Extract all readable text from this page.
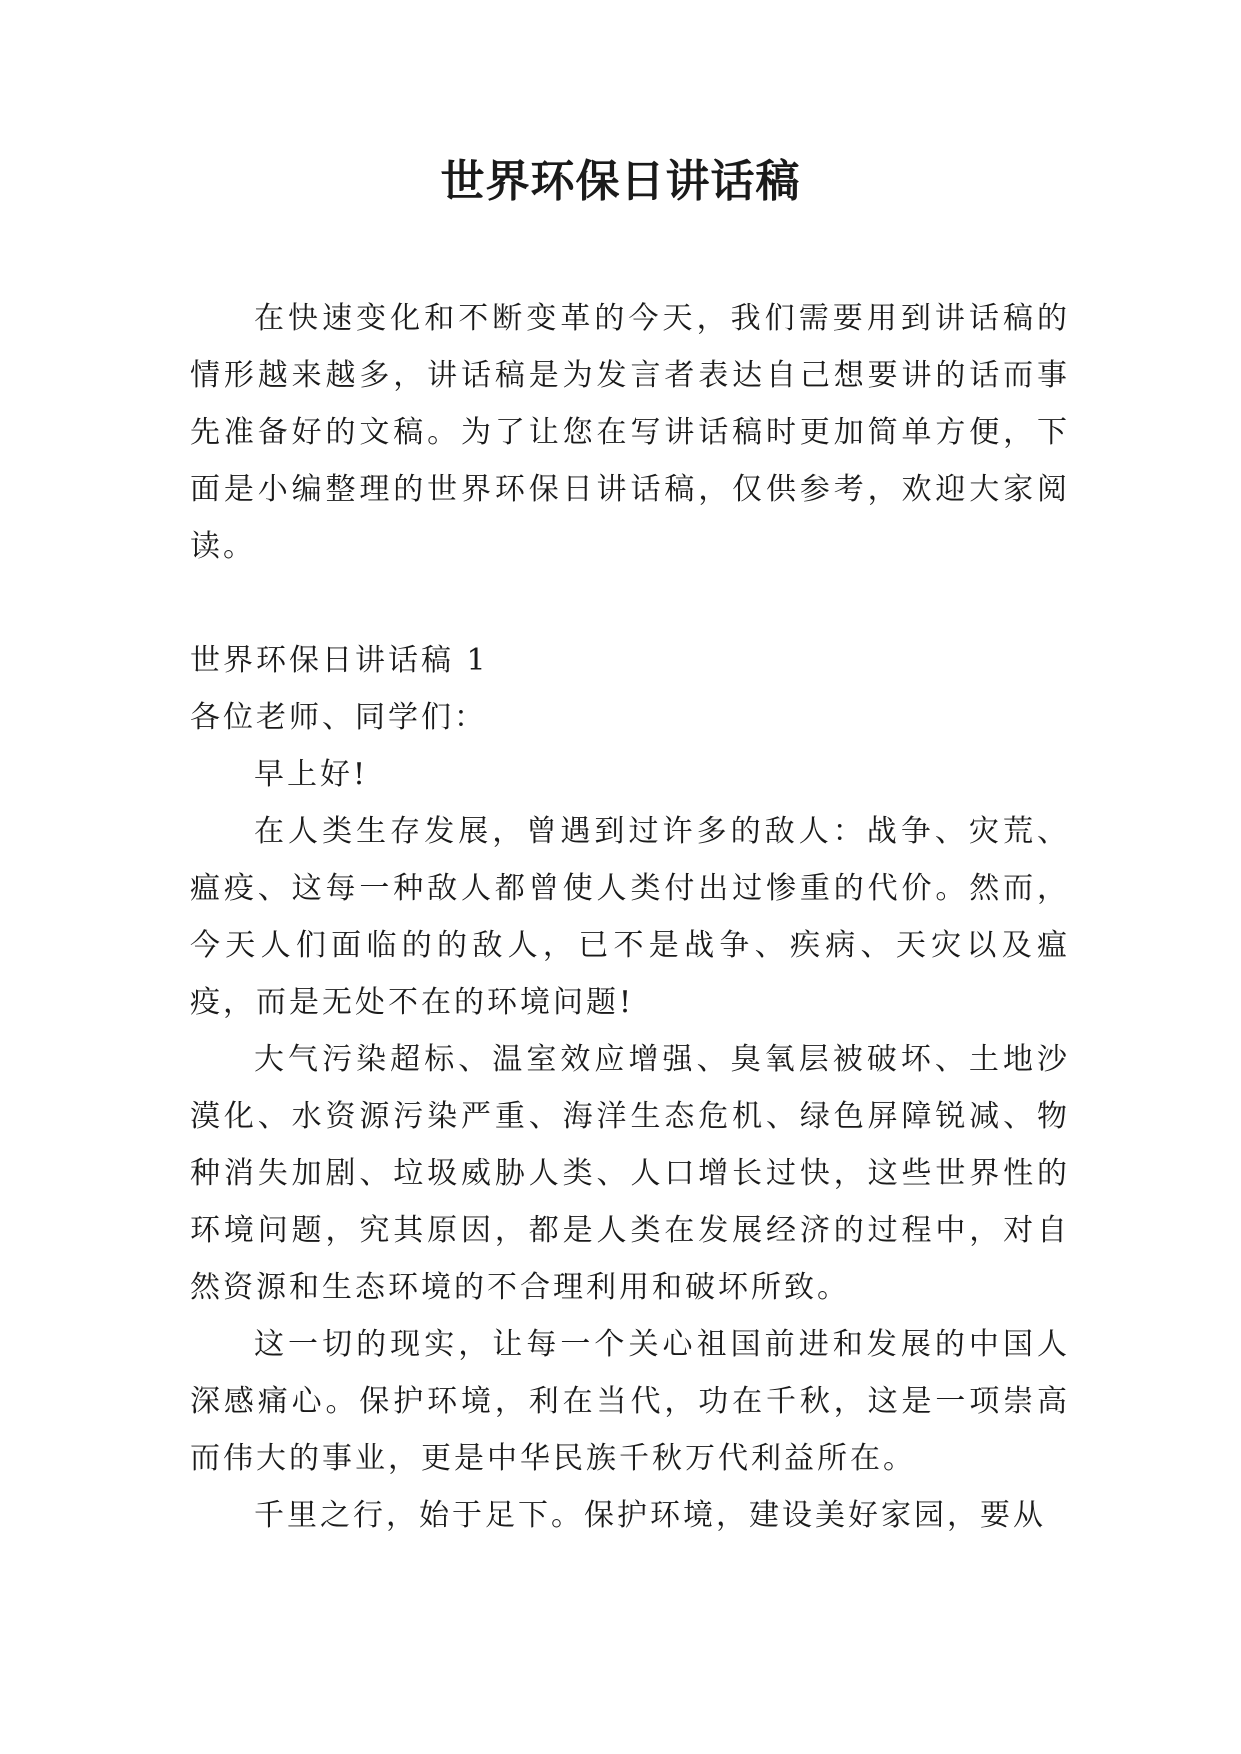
世界环保日讲话稿

在快速变化和不断变革的今天，我们需要用到讲话稿的情形越来越多，讲话稿是为发言者表达自己想要讲的话而事先准备好的文稿。为了让您在写讲话稿时更加简单方便，下面是小编整理的世界环保日讲话稿，仅供参考，欢迎大家阅读。

世界环保日讲话稿 1

各位老师、同学们：

早上好!

在人类生存发展，曾遇到过许多的敌人：战争、灾荒、瘟疫、这每一种敌人都曾使人类付出过惨重的代价。然而，今天人们面临的的敌人，已不是战争、疾病、天灾以及瘟疫，而是无处不在的环境问题!

大气污染超标、温室效应增强、臭氧层被破坏、土地沙漠化、水资源污染严重、海洋生态危机、绿色屏障锐减、物种消失加剧、垃圾威胁人类、人口增长过快，这些世界性的环境问题，究其原因，都是人类在发展经济的过程中，对自然资源和生态环境的不合理利用和破坏所致。

这一切的现实，让每一个关心祖国前进和发展的中国人深感痛心。保护环境，利在当代，功在千秋，这是一项崇高而伟大的事业，更是中华民族千秋万代利益所在。

千里之行，始于足下。保护环境，建设美好家园，要从
